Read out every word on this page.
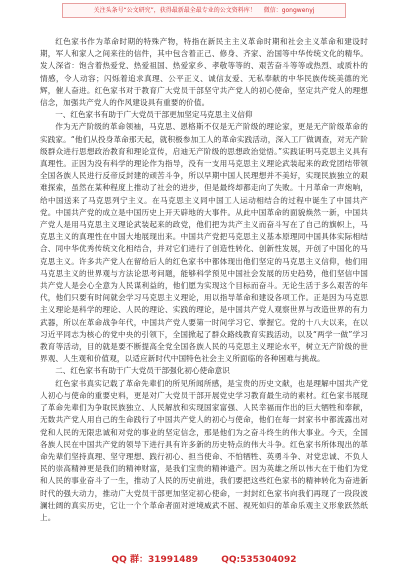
关注头条号“公文研究”，获得最新最全最专业的公文资料库！ 微信：gongwenyj

红色家书作为革命时期的特殊产物，特指在新民主主义革命时期和社会主义革命和建设时期，军人和家人之间来往的信件，其中包含着正己、修身、齐家、治国等中华传统文化的精华。发人深省：饱含着热爱党、热爱祖国、热爱家乡、孝敬等等的、艰苦奋斗等等或热烈、或质朴的情感，令人动容；闪烁着追求真理、公平正义、诚信友爱、无私奉献的中华民族传统美德的光辉，催人奋进。红色家书对于教育广大党员干部坚守共产党人的初心使命，坚定共产党人的理想信念，加强共产党人的作风建设具有重要的价值。

一、红色家书有助于广大党员干部更加坚定马克思主义信仰

作为无产阶级的革命领袖，马克思、恩格斯不仅是无产阶级的理论家，更是无产阶级革命的实践家。“他们从投身革命那天起，就积极参加工人的革命实践活动，深入工厂做调查，对无产阶级群众进行思想政治教育和理论宣传，启迪无产阶级的思想政治觉悟。”实践证明马克思主义具有真理性。正因为没有科学的理论作为指导，没有一支用马克思主义理论武装起来的政党团结带领全国各族人民进行反帝反封建的顽苦斗争，所以早期中国人民理想并不美好，实现民族独立的艰难探索，虽然在某种程度上推动了社会的进步，但是最终却都走向了失败。十月革命一声炮响，给中国送来了马克思列宁主义。在马克思主义同中国工人运动相结合的过程中诞生了中国共产党。中国共产党的成立是中国历史上开天辟地的大事件。从此中国革命的面貌焕然一新，中国共产党人是用马克思主义理论武装起来的政党，他们把为共产主义而奋斗写在了自己的旗帜上，马克思主义的真理性在中国大地展现出来。中国共产党把马克思主义基本原理同中国具体实际相结合、同中华优秀传统文化相结合，并对它们进行了创造性转化、创新性发展，开创了中国化的马克思主义。许多共产党人在留给后人的红色家书中都体现出他们坚定的马克思主义信仰，他们用马克思主义的世界观与方法论思考问题，能够科学预见中国社会发展的历史趋势，他们坚信中国共产党人是会心全意为人民谋利益的，他们愿为实现这个目标而奋斗。无论生活于多么艰苦的年代，他们只要有时间就会学习马克思主义理论，用以指导革命和建设各项工作。正是因为马克思主义理论是科学的理论、人民的理论、实践的理论，是中国共产党人观察世界与改造世界的有力武器，所以在革命战争年代，中国共产党人要第一时间学习它、掌握它。党的十八大以来，在以习近平同志为核心的党中央的引领下，全国掀起了群众路线教育实践活动，以及“两学一做”学习教育等活动，目的就是要不断提高全党全国各族人民的马克思主义理论水平，树立无产阶级的世界观、人生观和价值观，以适应新时代中国特色社会主义所面临的各种困难与挑战。

二、红色家书有助于广大党员干部强化初心使命意识

红色家书真实记载了革命先辈们的所见所闻所感，是宝贵的历史文献，也是理解中国共产党人初心与使命的重要史料，更是对广大党员干部开展党史学习教育最生动的素材。红色家书展现了革命先辈们为争取民族独立、人民解放和实现国家富强、人民幸福而作出的巨大牺牲和奉献，无数共产党人用自己的生命践行了中国共产党人的初心与使命，他们在每一封家书中都流露出对党和人民的无限忠诚和对党的事业的坚定信念，那是他们为之奋斗终生的伟大事业。今天，全国各族人民在中国共产党的领导下进行具有许多新的历史特点的伟大斗争。红色家书所体现出的革命先辈们坚持真理、坚守理想、践行初心、担当使命、不怕牺牲、英勇斗争、对党忠诚、不负人民的崇高精神更是我们的精神财富，是我们宝贵的精神遗产。因为英雄之所以伟大在于他们为党和人民的事业奋斗了一生，推动了人民的历史前进，我们要把这些红色家书的精神转化为奋进新时代的强大动力，推动广大党员干部更加坚定初心使命，一封封红色家书向我们再现了一段段波澜壮阔的真实历史，它让一个个革命者面对逆境威武不屈、视死如归的革命乐观主义形象跃然纸上。

QQ 群：31991489	QQ:535304092
